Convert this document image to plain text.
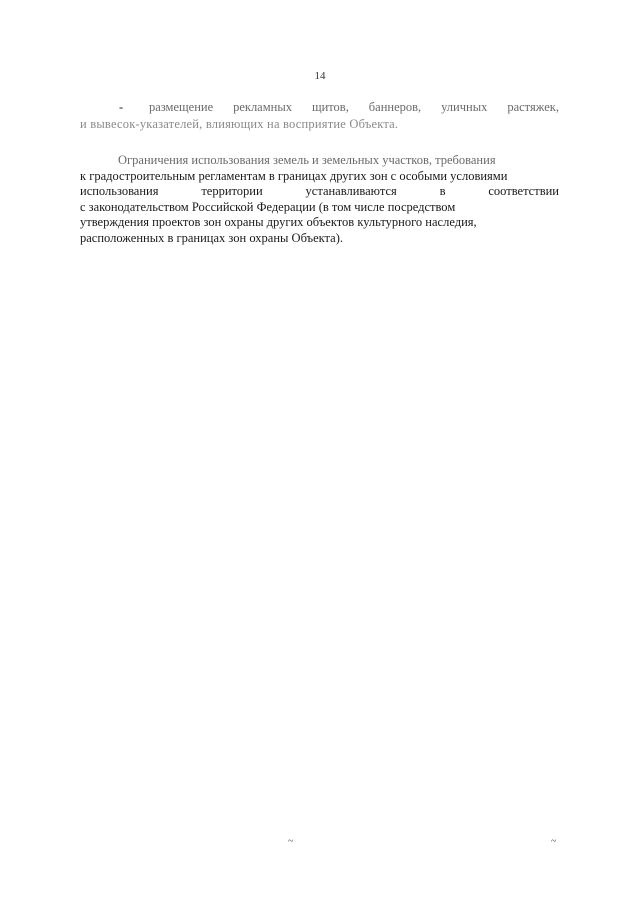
14
- размещение рекламных щитов, баннеров, уличных растяжек,
и вывесок-указателей, влияющих на восприятие Объекта.
Ограничения использования земель и земельных участков, требования
к градостроительным регламентам в границах других зон с особыми условиями
использования	территории	устанавливаются	в	соответствии
с законодательством Российской Федерации (в том числе посредством
утверждения проектов зон охраны других объектов культурного наследия,
расположенных в границах зон охраны Объекта).
~	~
